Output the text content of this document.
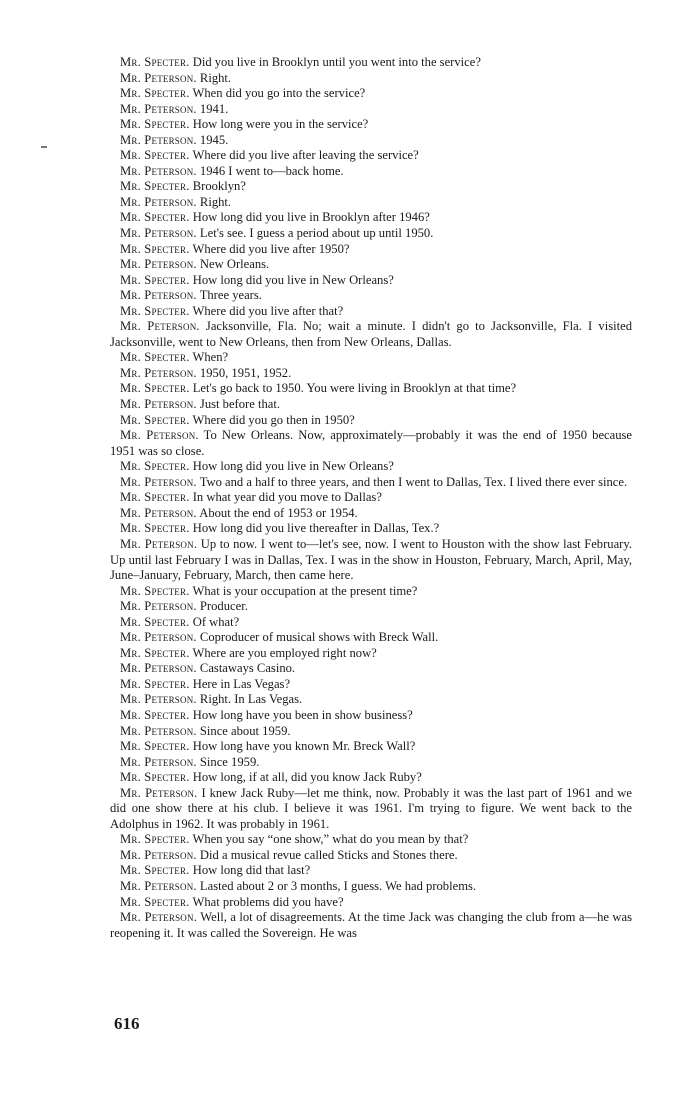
Mr. Specter. Did you live in Brooklyn until you went into the service?

Mr. Peterson. Right.

Mr. Specter. When did you go into the service?

Mr. Peterson. 1941.

Mr. Specter. How long were you in the service?

Mr. Peterson. 1945.

Mr. Specter. Where did you live after leaving the service?

Mr. Peterson. 1946 I went to—back home.

Mr. Specter. Brooklyn?

Mr. Peterson. Right.

Mr. Specter. How long did you live in Brooklyn after 1946?

Mr. Peterson. Let's see. I guess a period about up until 1950.

Mr. Specter. Where did you live after 1950?

Mr. Peterson. New Orleans.

Mr. Specter. How long did you live in New Orleans?

Mr. Peterson. Three years.

Mr. Specter. Where did you live after that?

Mr. Peterson. Jacksonville, Fla. No; wait a minute. I didn't go to Jacksonville, Fla. I visited Jacksonville, went to New Orleans, then from New Orleans, Dallas.

Mr. Specter. When?

Mr. Peterson. 1950, 1951, 1952.

Mr. Specter. Let's go back to 1950. You were living in Brooklyn at that time?

Mr. Peterson. Just before that.

Mr. Specter. Where did you go then in 1950?

Mr. Peterson. To New Orleans. Now, approximately—probably it was the end of 1950 because 1951 was so close.

Mr. Specter. How long did you live in New Orleans?

Mr. Peterson. Two and a half to three years, and then I went to Dallas, Tex. I lived there ever since.

Mr. Specter. In what year did you move to Dallas?

Mr. Peterson. About the end of 1953 or 1954.

Mr. Specter. How long did you live thereafter in Dallas, Tex.?

Mr. Peterson. Up to now. I went to—let's see, now. I went to Houston with the show last February. Up until last February I was in Dallas, Tex. I was in the show in Houston, February, March, April, May, June–January, February, March, then came here.

Mr. Specter. What is your occupation at the present time?

Mr. Peterson. Producer.

Mr. Specter. Of what?

Mr. Peterson. Coproducer of musical shows with Breck Wall.

Mr. Specter. Where are you employed right now?

Mr. Peterson. Castaways Casino.

Mr. Specter. Here in Las Vegas?

Mr. Peterson. Right. In Las Vegas.

Mr. Specter. How long have you been in show business?

Mr. Peterson. Since about 1959.

Mr. Specter. How long have you known Mr. Breck Wall?

Mr. Peterson. Since 1959.

Mr. Specter. How long, if at all, did you know Jack Ruby?

Mr. Peterson. I knew Jack Ruby—let me think, now. Probably it was the last part of 1961 and we did one show there at his club. I believe it was 1961. I'm trying to figure. We went back to the Adolphus in 1962. It was probably in 1961.

Mr. Specter. When you say “one show,” what do you mean by that?

Mr. Peterson. Did a musical revue called Sticks and Stones there.

Mr. Specter. How long did that last?

Mr. Peterson. Lasted about 2 or 3 months, I guess. We had problems.

Mr. Specter. What problems did you have?

Mr. Peterson. Well, a lot of disagreements. At the time Jack was changing the club from a—he was reopening it. It was called the Sovereign. He was

616
